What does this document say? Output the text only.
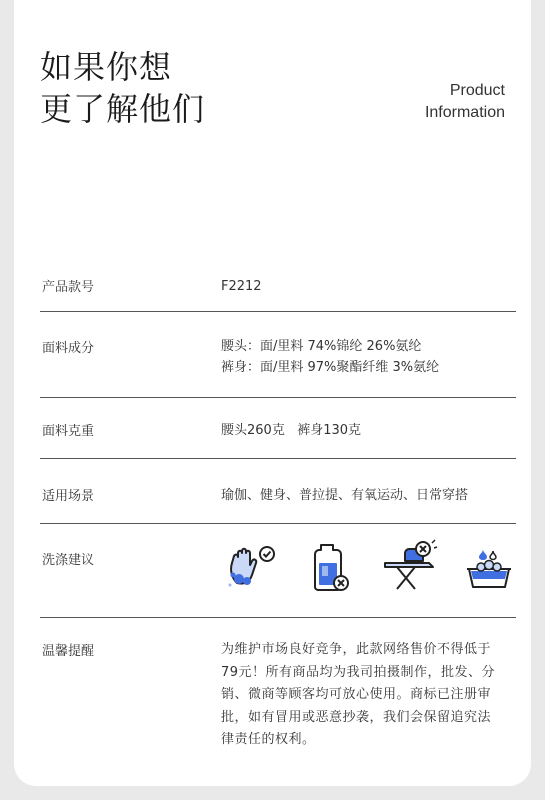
如果你想
更了解他们	Product
Information
产品款号	F2212
面料成分	腰头：面/里料 74%锦纶 26%氨纶
裤身：面/里料 97%聚酯纤维 3%氨纶
面料克重	腰头260克   裤身130克
适用场景	瑜伽、健身、普拉提、有氧运动、日常穿搭
洗涤建议
温馨提醒	为维护市场良好竞争，此款网络售价不得低于
79元！所有商品均为我司拍摄制作，批发、分
销、微商等顾客均可放心使用。商标已注册审
批，如有冒用或恶意抄袭，我们会保留追究法
律责任的权利。
